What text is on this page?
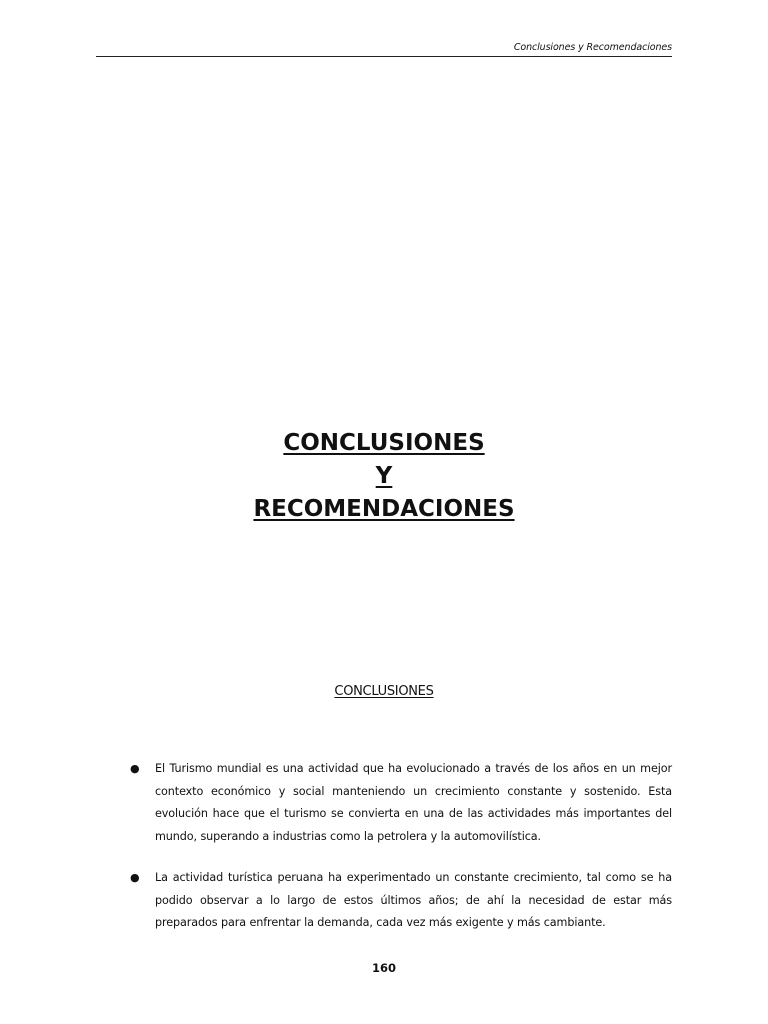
Conclusiones y Recomendaciones
CONCLUSIONES
Y
RECOMENDACIONES
CONCLUSIONES
● El Turismo mundial es una actividad que ha evolucionado a través de los años en un mejor contexto económico y social manteniendo un crecimiento constante y sostenido. Esta evolución hace que el turismo se convierta en una de las actividades más importantes del mundo, superando a industrias como la petrolera y la automovilística.
● La actividad turística peruana ha experimentado un constante crecimiento, tal como se ha podido observar a lo largo de estos últimos años; de ahí la necesidad de estar más preparados para enfrentar la demanda, cada vez más exigente y más cambiante.
160
